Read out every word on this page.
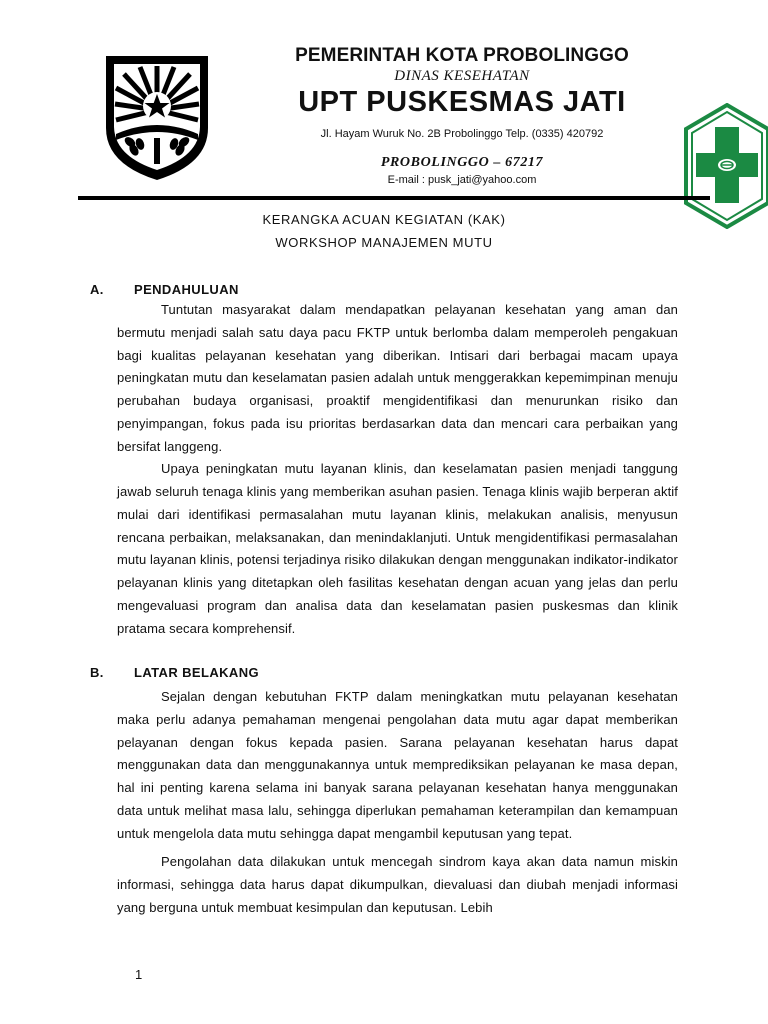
PEMERINTAH KOTA PROBOLINGGO
DINAS KESEHATAN
UPT PUSKESMAS JATI
Jl. Hayam Wuruk No. 2B Probolinggo Telp. (0335) 420792
PROBOLINGGO – 67217
E-mail : pusk_jati@yahoo.com
KERANGKA ACUAN KEGIATAN (KAK)
WORKSHOP MANAJEMEN MUTU
A. PENDAHULUAN

Tuntutan masyarakat dalam mendapatkan pelayanan kesehatan yang aman dan bermutu menjadi salah satu daya pacu FKTP untuk berlomba dalam memperoleh pengakuan bagi kualitas pelayanan kesehatan yang diberikan. Intisari dari berbagai macam upaya peningkatan mutu dan keselamatan pasien adalah untuk menggerakkan kepemimpinan menuju perubahan budaya organisasi, proaktif mengidentifikasi dan menurunkan risiko dan penyimpangan, fokus pada isu prioritas berdasarkan data dan mencari cara perbaikan yang bersifat langgeng.

Upaya peningkatan mutu layanan klinis, dan keselamatan pasien menjadi tanggung jawab seluruh tenaga klinis yang memberikan asuhan pasien. Tenaga klinis wajib berperan aktif mulai dari identifikasi permasalahan mutu layanan klinis, melakukan analisis, menyusun rencana perbaikan, melaksanakan, dan menindaklanjuti. Untuk mengidentifikasi permasalahan mutu layanan klinis, potensi terjadinya risiko dilakukan dengan menggunakan indikator-indikator pelayanan klinis yang ditetapkan oleh fasilitas kesehatan dengan acuan yang jelas dan perlu mengevaluasi program dan analisa data dan keselamatan pasien puskesmas dan klinik pratama secara komprehensif.

B. LATAR BELAKANG

Sejalan dengan kebutuhan FKTP dalam meningkatkan mutu pelayanan kesehatan maka perlu adanya pemahaman mengenai pengolahan data mutu agar dapat memberikan pelayanan dengan fokus kepada pasien. Sarana pelayanan kesehatan harus dapat menggunakan data dan menggunakannya untuk memprediksikan pelayanan ke masa depan, hal ini penting karena selama ini banyak sarana pelayanan kesehatan hanya menggunakan data untuk melihat masa lalu, sehingga diperlukan pemahaman keterampilan dan kemampuan untuk mengelola data mutu sehingga dapat mengambil keputusan yang tepat.

Pengolahan data dilakukan untuk mencegah sindrom kaya akan data namun miskin informasi, sehingga data harus dapat dikumpulkan, dievaluasi dan diubah menjadi informasi yang berguna untuk membuat kesimpulan dan keputusan. Lebih

1
